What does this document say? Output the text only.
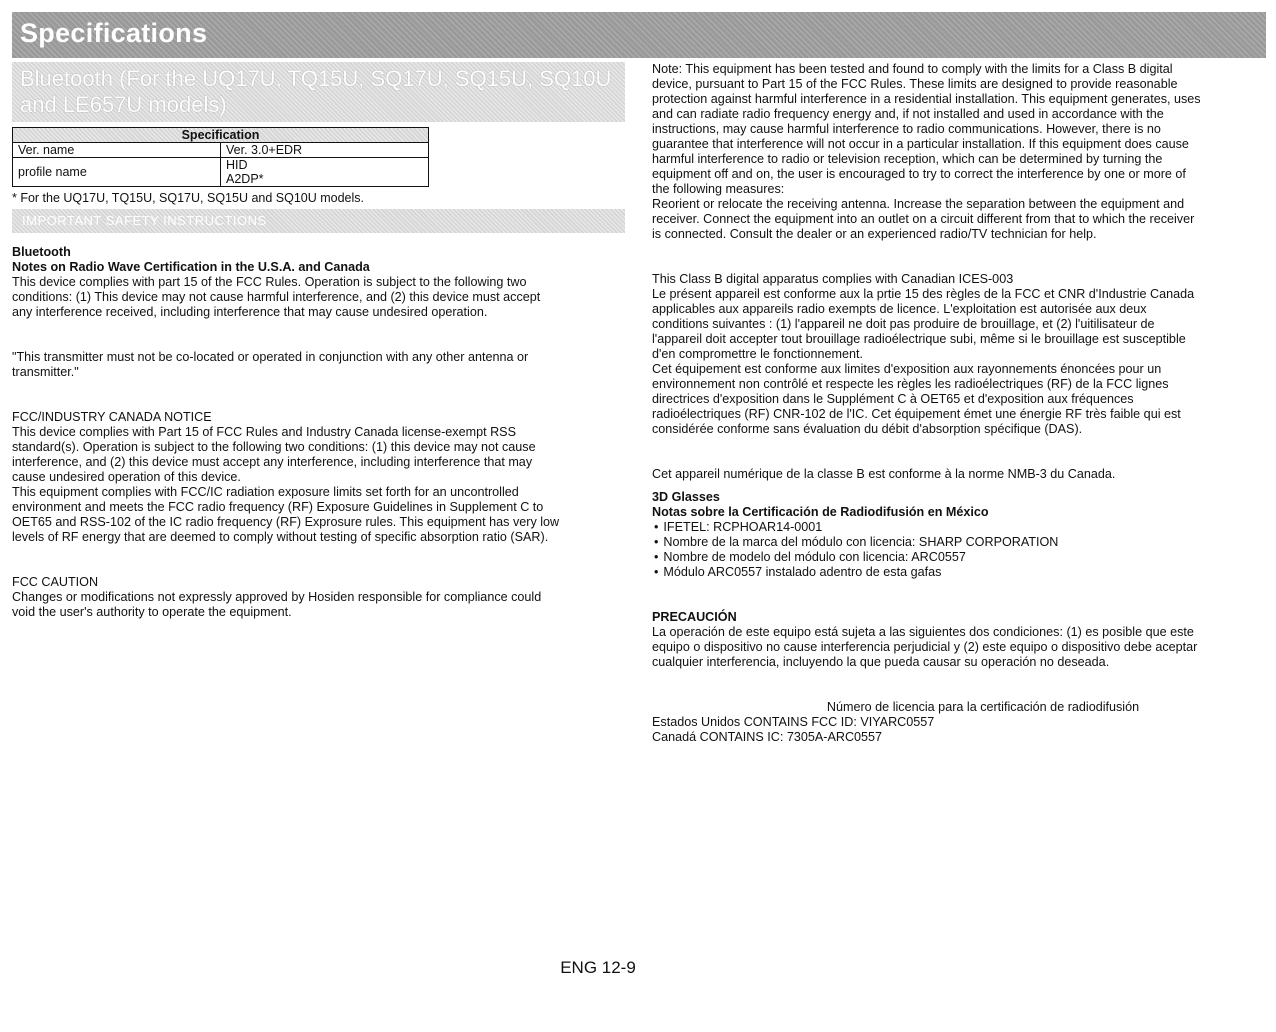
Specifications
Bluetooth (For the UQ17U, TQ15U, SQ17U, SQ15U, SQ10U and LE657U models)
Specification	
Ver. name	Ver. 3.0+EDR
profile name	HID
A2DP*
* For the UQ17U, TQ15U, SQ17U, SQ15U and SQ10U models.
IMPORTANT SAFETY INSTRUCTIONS

Bluetooth

Notes on Radio Wave Certification in the U.S.A. and Canada

This device complies with part 15 of the FCC Rules. Operation is subject to the following two

conditions: (1) This device may not cause harmful interference, and (2) this device must accept

any interference received, including interference that may cause undesired operation.

"This transmitter must not be co-located or operated in conjunction with any other antenna or

transmitter."

FCC/INDUSTRY CANADA NOTICE

This device complies with Part 15 of FCC Rules and Industry Canada license-exempt RSS

standard(s). Operation is subject to the following two conditions: (1) this device may not cause

interference, and (2) this device must accept any interference, including interference that may

cause undesired operation of this device.

This equipment complies with FCC/IC radiation exposure limits set forth for an uncontrolled

environment and meets the FCC radio frequency (RF) Exposure Guidelines in Supplement C to

OET65 and RSS-102 of the IC radio frequency (RF) Exprosure rules. This equipment has very low

levels of RF energy that are deemed to comply without testing of specific absorption ratio (SAR).

FCC CAUTION

Changes or modifications not expressly approved by Hosiden responsible for compliance could

void the user's authority to operate the equipment.

Note: This equipment has been tested and found to comply with the limits for a Class B digital

device, pursuant to Part 15 of the FCC Rules. These limits are designed to provide reasonable

protection against harmful interference in a residential installation. This equipment generates, uses

and can radiate radio frequency energy and, if not installed and used in accordance with the

instructions, may cause harmful interference to radio communications. However, there is no

guarantee that interference will not occur in a particular installation. If this equipment does cause

harmful interference to radio or television reception, which can be determined by turning the

equipment off and on, the user is encouraged to try to correct the interference by one or more of

the following measures:

Reorient or relocate the receiving antenna. Increase the separation between the equipment and

receiver. Connect the equipment into an outlet on a circuit different from that to which the receiver

is connected. Consult the dealer or an experienced radio/TV technician for help.

This Class B digital apparatus complies with Canadian ICES-003

Le présent appareil est conforme aux la prtie 15 des règles de la FCC et CNR d'Industrie Canada

applicables aux appareils radio exempts de licence. L'exploitation est autorisée aux deux

conditions suivantes : (1) l'appareil ne doit pas produire de brouillage, et (2) l'uitilisateur de

l'appareil doit accepter tout brouillage radioélectrique subi, même si le brouillage est susceptible

d'en compromettre le fonctionnement.

Cet équipement est conforme aux limites d'exposition aux rayonnements énoncées pour un

environnement non contrôlé et respecte les règles les radioélectriques (RF) de la FCC lignes

directrices d'exposition dans le Supplément C à OET65 et d'exposition aux fréquences

radioélectriques (RF) CNR-102 de l'IC. Cet équipement émet une énergie RF très faible qui est

considérée conforme sans évaluation du débit d'absorption spécifique (DAS).

Cet appareil numérique de la classe B est conforme à la norme NMB-3 du Canada.

3D Glasses

Notas sobre la Certificación de Radiodifusión en México

• IFETEL: RCPHOAR14-0001
• Nombre de la marca del módulo con licencia: SHARP CORPORATION
• Nombre de modelo del módulo con licencia: ARC0557
• Módulo ARC0557 instalado adentro de esta gafas

PRECAUCIÓN

La operación de este equipo está sujeta a las siguientes dos condiciones: (1) es posible que este

equipo o dispositivo no cause interferencia perjudicial y (2) este equipo o dispositivo debe aceptar

cualquier interferencia, incluyendo la que pueda causar su operación no deseada.

Número de licencia para la certificación de radiodifusión

Estados Unidos CONTAINS FCC ID: VIYARC0557

Canadá CONTAINS IC: 7305A-ARC0557

ENG 12-9
